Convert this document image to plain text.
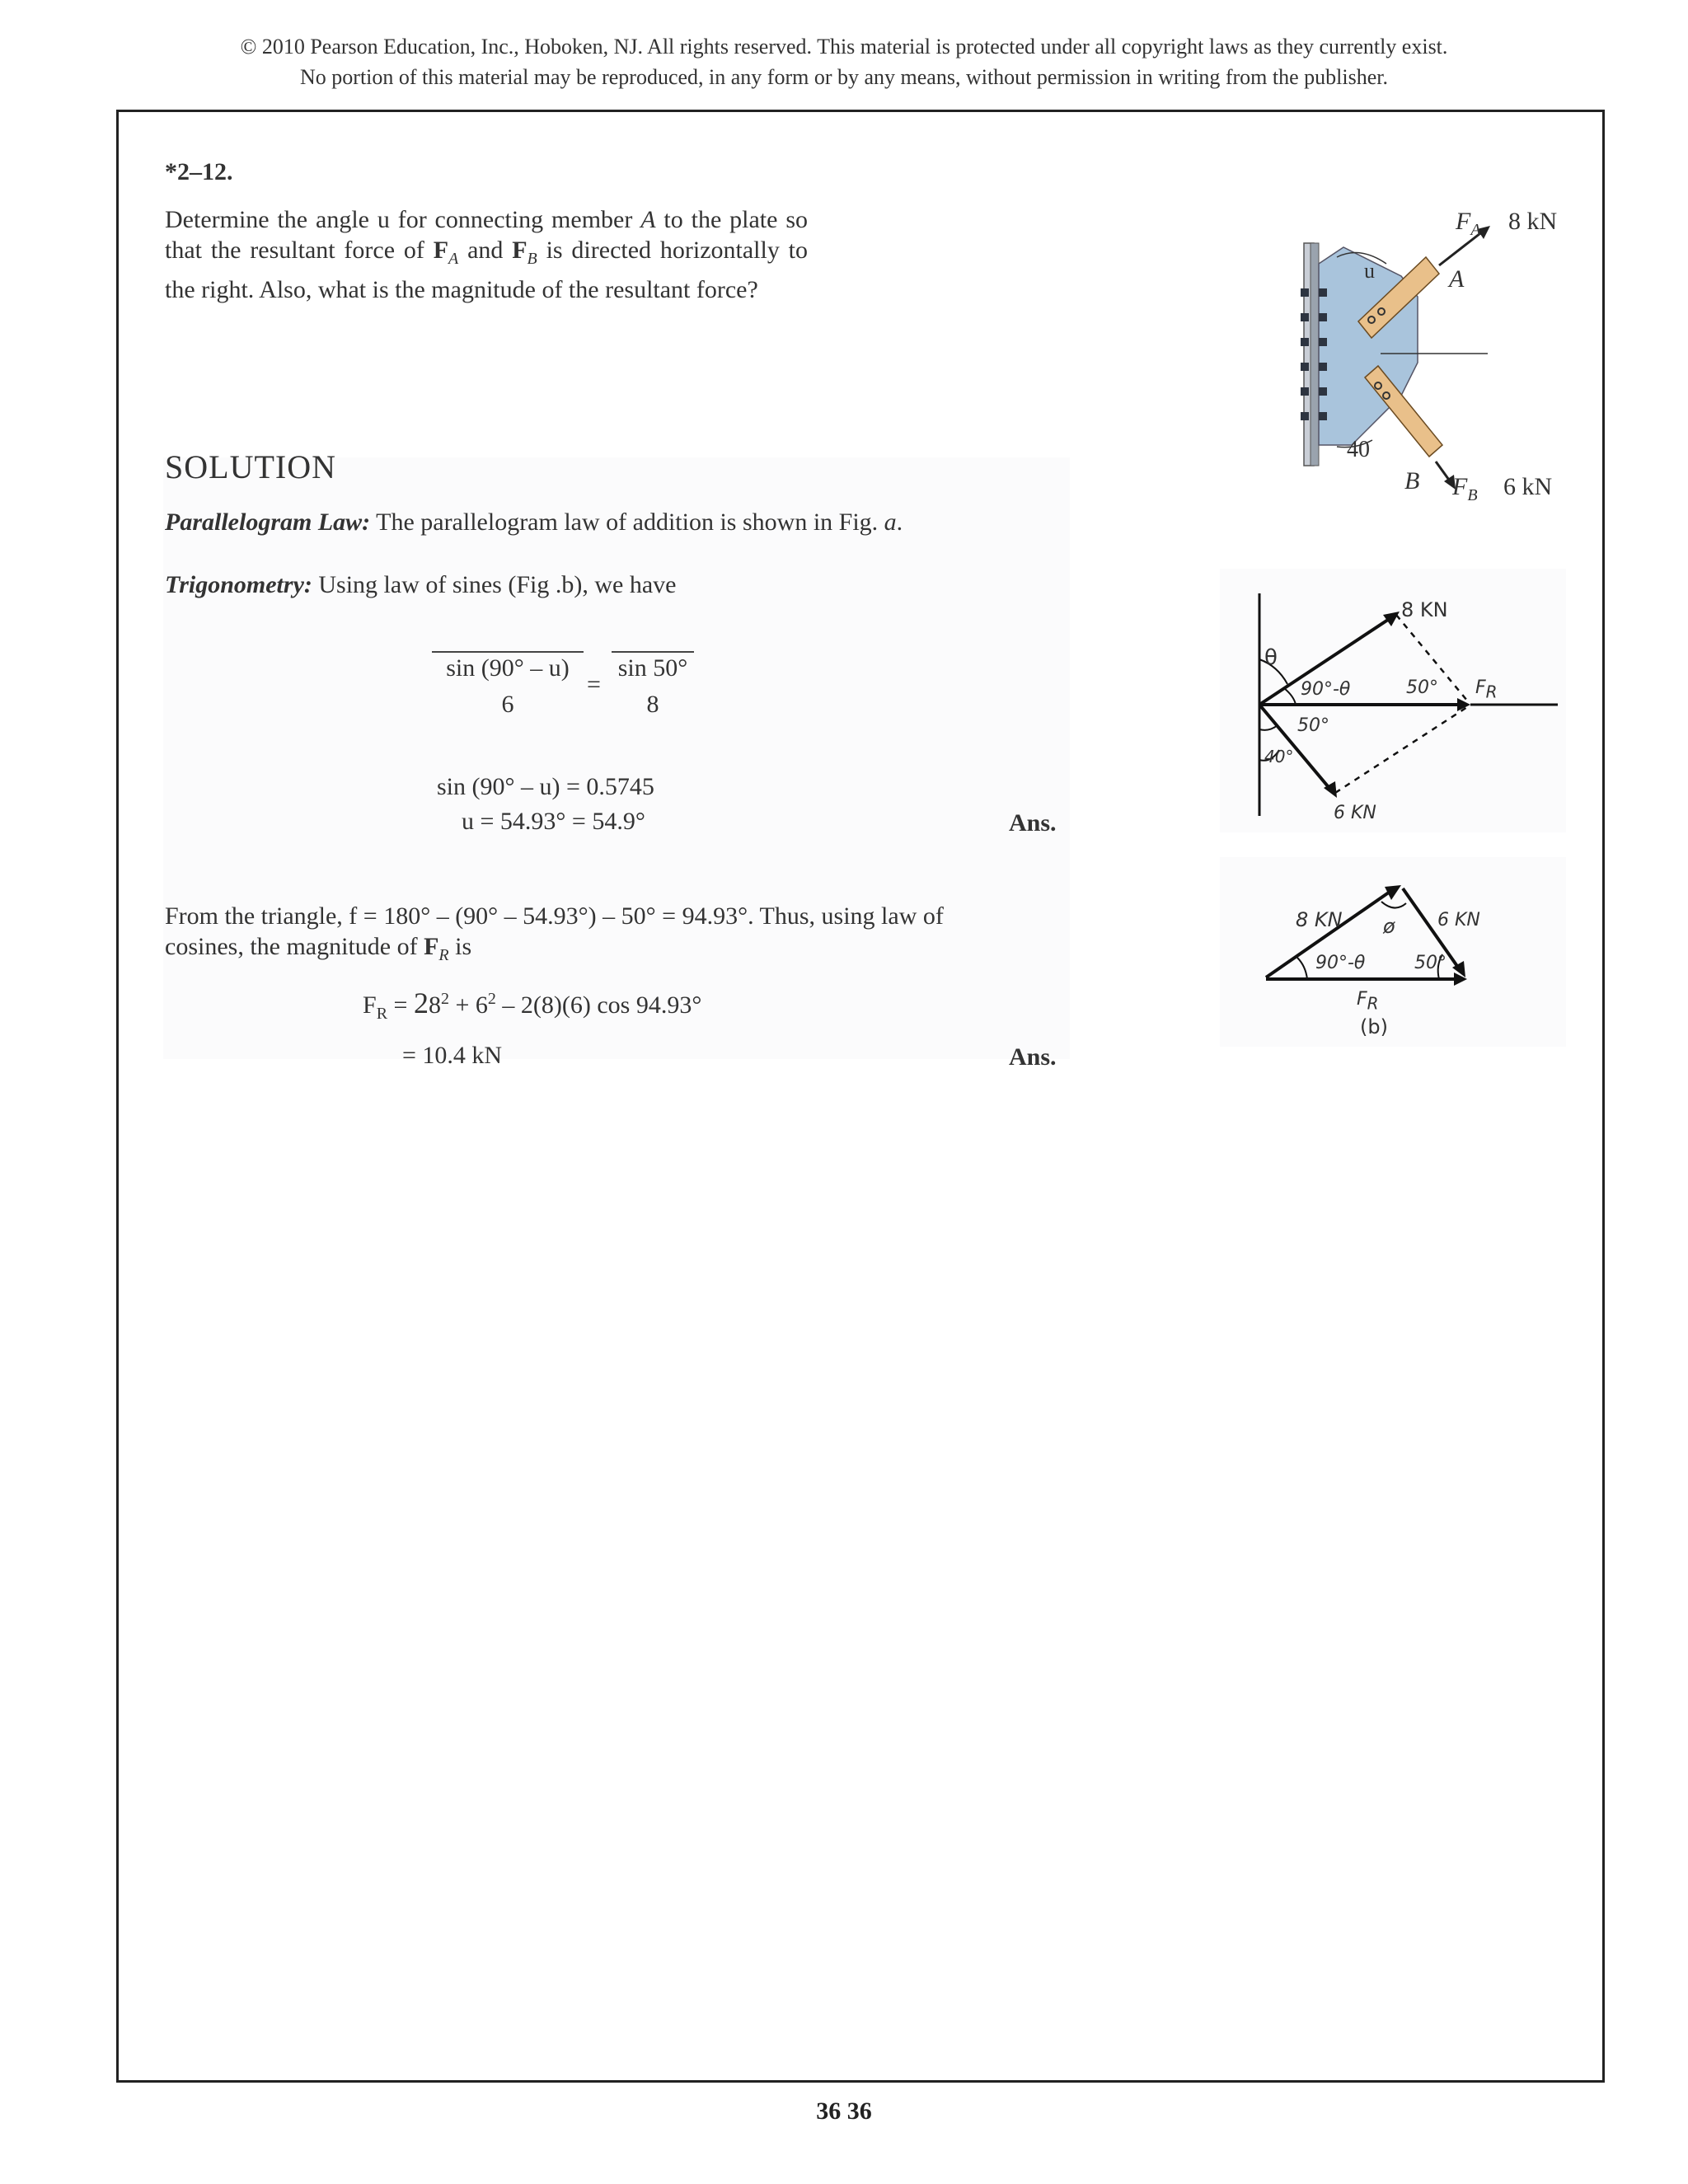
© 2010 Pearson Education, Inc., Hoboken, NJ. All rights reserved. This material is protected under all copyright laws as they currently exist.
No portion of this material may be reproduced, in any form or by any means, without permission in writing from the publisher.
*2–12.
Determine the angle u for connecting member A to the plate so that the resultant force of $F_A$ and $F_B$ is directed horizontally to the right. Also, what is the magnitude of the resultant force?
$F_A$ 8 kN
A
u
40
B $F_B$ 6 kN
SOLUTION
Parallelogram Law: The parallelogram law of addition is shown in Fig. a.
Trigonometry: Using law of sines (Fig .b), we have
sin (90° – u)
6
=
sin 50°
8
sin (90° – u) = 0.5745
u = 54.93° = 54.9°	Ans.
From the triangle, f = 180° – (90° – 54.93°) – 50° = 94.93°. Thus, using law of
cosines, the magnitude of $F_R$ is
$F_R = 28^2 + 6^2 - 2(8)(6)$ cos 94.93°
= 10.4 kN	Ans.
8 KN
θ
90°-θ	50° $F_R$
50°
40°
6 KN
8 KN ø 6 KN
90°-θ	50°
$F_R$
(b)
36 36
